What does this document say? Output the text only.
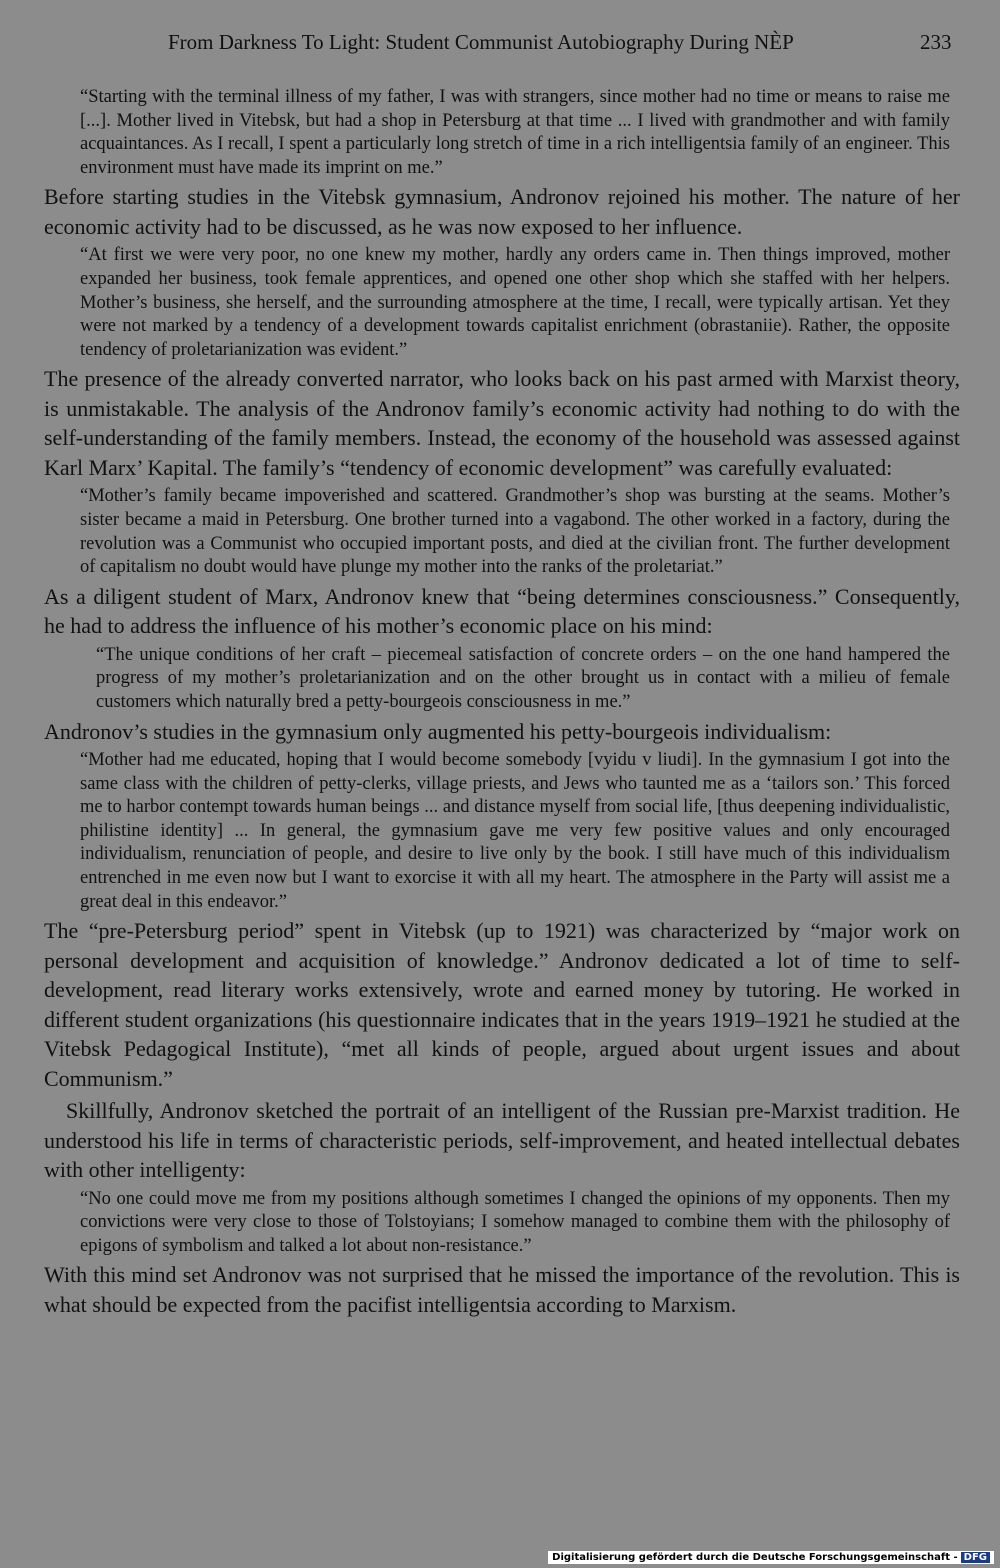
From Darkness To Light: Student Communist Autobiography During NÈP	233
“Starting with the terminal illness of my father, I was with strangers, since mother had no time or means to raise me [...]. Mother lived in Vitebsk, but had a shop in Petersburg at that time ... I lived with grandmother and with family acquaintances. As I recall, I spent a particularly long stretch of time in a rich intelligentsia family of an engineer. This environment must have made its imprint on me.”
Before starting studies in the Vitebsk gymnasium, Andronov rejoined his mother. The nature of her economic activity had to be discussed, as he was now exposed to her influence.
“At first we were very poor, no one knew my mother, hardly any orders came in. Then things improved, mother expanded her business, took female apprentices, and opened one other shop which she staffed with her helpers. Mother’s business, she herself, and the surrounding atmosphere at the time, I recall, were typically artisan. Yet they were not marked by a tendency of a development towards capitalist enrichment (obrastaniie). Rather, the opposite tendency of proletarianization was evident.”
The presence of the already converted narrator, who looks back on his past armed with Marxist theory, is unmistakable. The analysis of the Andronov family’s economic activity had nothing to do with the self-understanding of the family members. Instead, the economy of the household was assessed against Karl Marx’ Kapital. The family’s “tendency of economic development” was carefully evaluated:
“Mother’s family became impoverished and scattered. Grandmother’s shop was bursting at the seams. Mother’s sister became a maid in Petersburg. One brother turned into a vagabond. The other worked in a factory, during the revolution was a Communist who occupied important posts, and died at the civilian front. The further development of capitalism no doubt would have plunge my mother into the ranks of the proletariat.”
As a diligent student of Marx, Andronov knew that “being determines consciousness.” Consequently, he had to address the influence of his mother’s economic place on his mind:
“The unique conditions of her craft – piecemeal satisfaction of concrete orders – on the one hand hampered the progress of my mother’s proletarianization and on the other brought us in contact with a milieu of female customers which naturally bred a petty-bourgeois consciousness in me.”
Andronov’s studies in the gymnasium only augmented his petty-bourgeois individualism:
“Mother had me educated, hoping that I would become somebody [vyidu v liudi]. In the gymnasium I got into the same class with the children of petty-clerks, village priests, and Jews who taunted me as a ‘tailors son.’ This forced me to harbor contempt towards human beings ... and distance myself from social life, [thus deepening individualistic, philistine identity] ... In general, the gymnasium gave me very few positive values and only encouraged individualism, renunciation of people, and desire to live only by the book. I still have much of this individualism entrenched in me even now but I want to exorcise it with all my heart. The atmosphere in the Party will assist me a great deal in this endeavor.”
The “pre-Petersburg period” spent in Vitebsk (up to 1921) was characterized by “major work on personal development and acquisition of knowledge.” Andronov dedicated a lot of time to self-development, read literary works extensively, wrote and earned money by tutoring. He worked in different student organizations (his questionnaire indicates that in the years 1919–1921 he studied at the Vitebsk Pedagogical Institute), “met all kinds of people, argued about urgent issues and about Communism.”
Skillfully, Andronov sketched the portrait of an intelligent of the Russian pre-Marxist tradition. He understood his life in terms of characteristic periods, self-improvement, and heated intellectual debates with other intelligenty:
“No one could move me from my positions although sometimes I changed the opinions of my opponents. Then my convictions were very close to those of Tolstoyians; I somehow managed to combine them with the philosophy of epigons of symbolism and talked a lot about non-resistance.”
With this mind set Andronov was not surprised that he missed the importance of the revolution. This is what should be expected from the pacifist intelligentsia according to Marxism.
Digitalisierung gefördert durch die Deutsche Forschungsgemeinschaft - DFG
